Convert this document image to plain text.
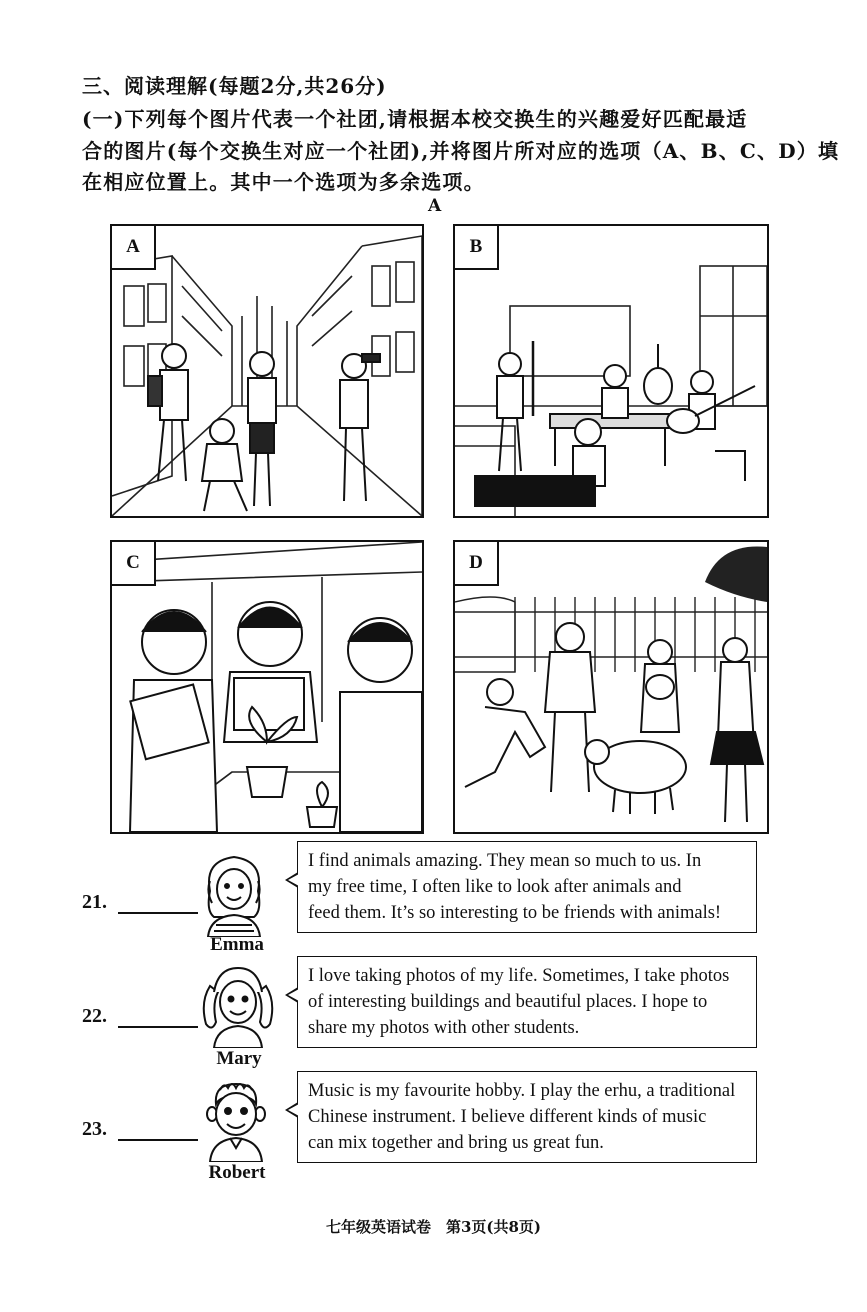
三、阅读理解(每题2分,共26分)
(一)下列每个图片代表一个社团,请根据本校交换生的兴趣爱好匹配最适
合的图片(每个交换生对应一个社团),并将图片所对应的选项（A、B、C、D）填
在相应位置上。其中一个选项为多余选项。
A
A	B
C	D
21.
Emma
I find animals amazing. They mean so much to us. In
my free time, I often like to look after animals and
feed them. It’s so interesting to be friends with animals!
22.
Mary
I love taking photos of my life. Sometimes, I take photos
of interesting buildings and beautiful places. I hope to
share my photos with other students.
23.
Robert
Music is my favourite hobby. I play the erhu, a traditional
Chinese instrument. I believe different kinds of music
can mix together and bring us great fun.
七年级英语试卷　第3页(共8页)
